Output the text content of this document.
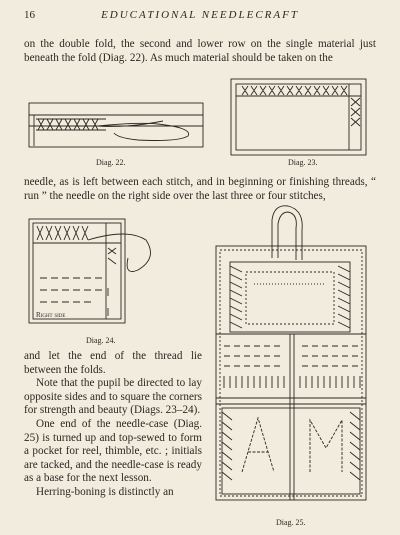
16	EDUCATIONAL NEEDLECRAFT

on the double fold, the second and lower row on the single material just beneath the fold (Diag. 22). As much material should be taken on the

Diag. 22.	Diag. 23.

needle, as is left between each stitch, and in beginning or finishing threads, “ run ” the needle on the right side over the last three or four stitches,

Right side
Diag. 24.

and let the end of the thread lie between the folds.

Note that the pupil be directed to lay opposite sides and to square the corners for strength and beauty (Diags. 23–24).

One end of the needle-case (Diag. 25) is turned up and top-sewed to form a pocket for reel, thimble, etc. ; initials are tacked, and the needle-case is ready as a base for the next lesson.

Herring-boning is distinctly an

Diag. 25.
